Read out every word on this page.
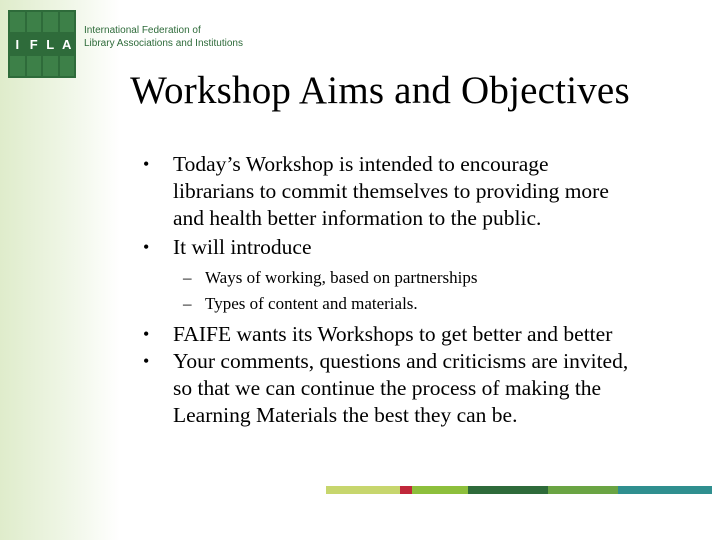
I F L A
International Federation of
Library Associations and Institutions
Workshop Aims and Objectives
• Today’s Workshop is intended to encourage
librarians to commit themselves to providing more
and health better information to the public.
• It will introduce
– Ways of working, based on partnerships
– Types of content and materials.
• FAIFE wants its Workshops to get better and better
• Your comments, questions and criticisms are invited,
so that we can continue the process of making the
Learning Materials the best they can be.
